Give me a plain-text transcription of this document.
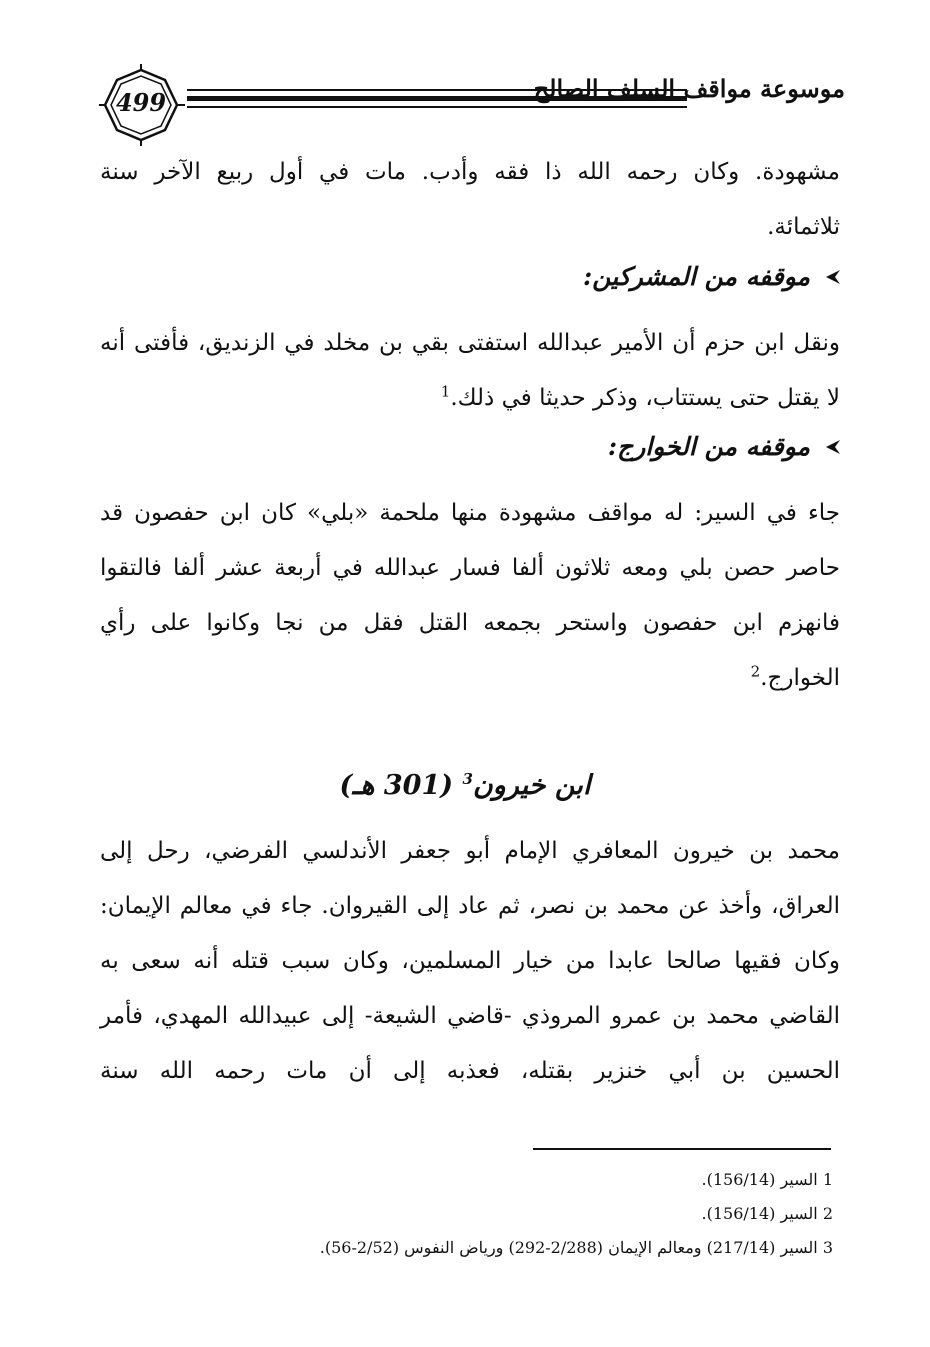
499	موسوعة مواقف السلف الصالح

مشهودة. وكان رحمه الله ذا فقه وأدب. مات في أول ربيع الآخر سنة

ثلاثمائة.

موقفه من المشركين:

ونقل ابن حزم أن الأمير عبدالله استفتى بقي بن مخلد في الزنديق، فأفتى أنه لا يقتل حتى يستتاب، وذكر حديثا في ذلك.$^1$

موقفه من الخوارج:

جاء في السير: له مواقف مشهودة منها ملحمة «بلي» كان ابن حفصون قد حاصر حصن بلي ومعه ثلاثون ألفا فسار عبدالله في أربعة عشر ألفا فالتقوا فانهزم ابن حفصون واستحر بجمعه القتل فقل من نجا وكانوا على رأي الخوارج.$^2$

ابن خيرون$^3$ (301 هـ)

محمد بن خيرون المعافري الإمام أبو جعفر الأندلسي الفرضي، رحل إلى العراق، وأخذ عن محمد بن نصر، ثم عاد إلى القيروان. جاء في معالم الإيمان: وكان فقيها صالحا عابدا من خيار المسلمين، وكان سبب قتله أنه سعى به القاضي محمد بن عمرو المروذي -قاضي الشيعة- إلى عبيدالله المهدي، فأمر الحسين بن أبي خنزير بقتله، فعذبه إلى أن مات رحمه الله سنة

1 السير (156/14).

2 السير (156/14).

3 السير (217/14) ومعالم الإيمان (2/288-292) ورياض النفوس (2/52-56).
